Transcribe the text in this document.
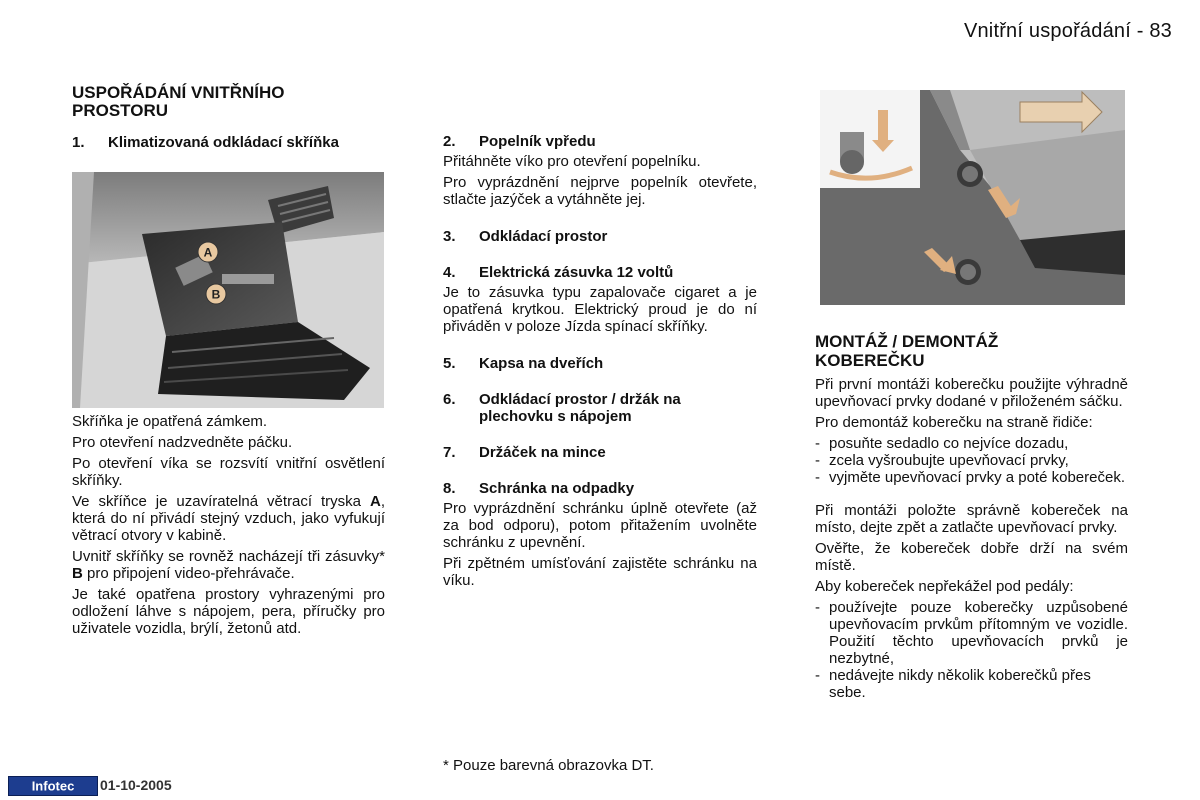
Vnitřní uspořádání - 83
USPOŘÁDÁNÍ VNITŘNÍHO
PROSTORU
1.	Klimatizovaná odkládací skříňka
A
B

Skříňka je opatřená zámkem.

Pro otevření nadzvedněte páčku.

Po otevření víka se rozsvítí vnitřní osvětlení skříňky.

Ve skříňce je uzavíratelná větrací tryska A, která do ní přivádí stejný vzduch, jako vyfukují větrací otvory v kabině.

Uvnitř skříňky se rovněž nacházejí tři zásuvky* B pro připojení video-přehrávače.

Je také opatřena prostory vyhrazenými pro odložení láhve s nápojem, pera, příručky pro uživatele vozidla, brýlí, žetonů atd.

2.	Popelník vpředu

Přitáhněte víko pro otevření popelníku.

Pro vyprázdnění nejprve popelník otevřete, stlačte jazýček a vytáhněte jej.

3.	Odkládací prostor
4.	Elektrická zásuvka 12 voltů

Je to zásuvka typu zapalovače cigaret a je opatřená krytkou. Elektrický proud je do ní přiváděn v poloze Jízda spínací skříňky.

5.	Kapsa na dveřích
6.	Odkládací prostor / držák na plechovku s nápojem
7.	Držáček na mince
8.	Schránka na odpadky

Pro vyprázdnění schránku úplně otevřete (až za bod odporu), potom přitažením uvolněte schránku z upevnění.

Při zpětném umísťování zajistěte schránku na víku.

MONTÁŽ / DEMONTÁŽ
KOBEREČKU

Při první montáži koberečku použijte výhradně upevňovací prvky dodané v přiloženém sáčku.

Pro demontáž koberečku na straně řidiče:

- posuňte sedadlo co nejvíce dozadu,
- zcela vyšroubujte upevňovací prvky,
- vyjměte upevňovací prvky a poté kobereček.

Při montáži položte správně kobereček na místo, dejte zpět a zatlačte upevňovací prvky.

Ověřte, že kobereček dobře drží na svém místě.

Aby kobereček nepřekážel pod pedály:

- používejte pouze koberečky uzpůsobené upevňovacím prvkům přítomným ve vozidle. Použití těchto upevňovacích prvků je nezbytné,
- nedávejte nikdy několik koberečků přes sebe.
* Pouze barevná obrazovka DT.
Infotec 01-10-2005
